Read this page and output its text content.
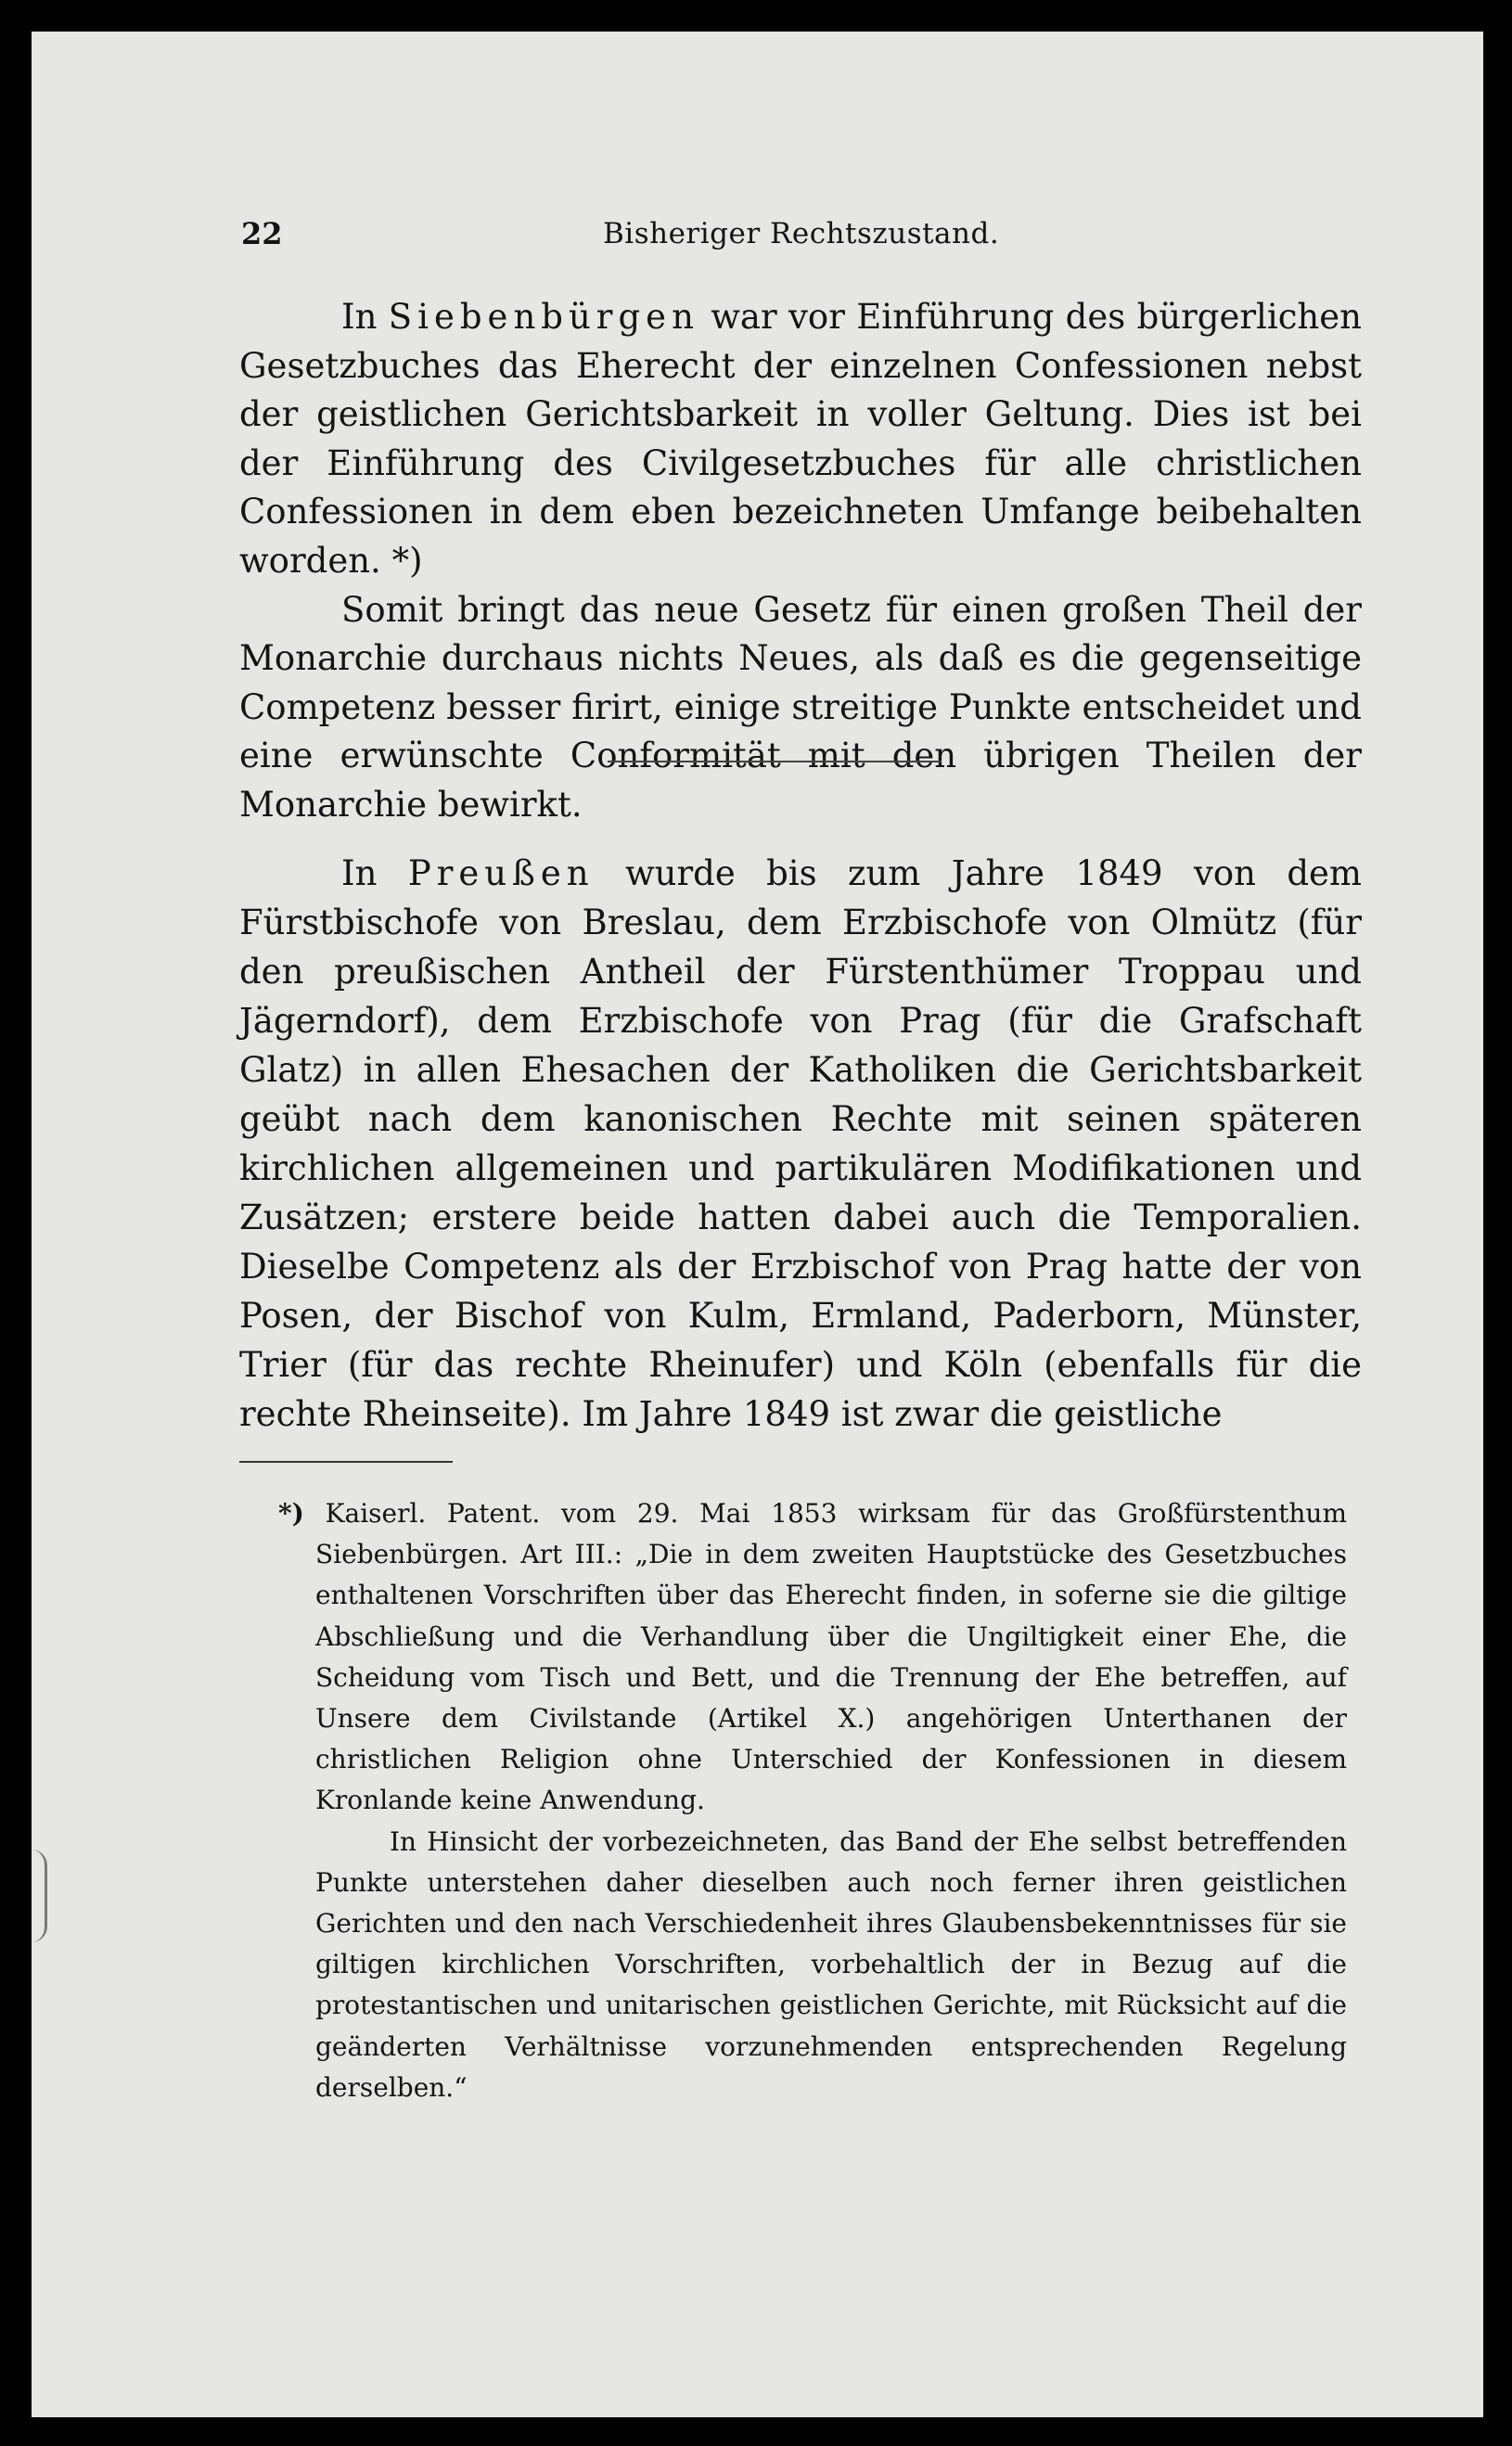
22	Bisheriger Rechtszustand.

In Siebenbürgen war vor Einführung des bürgerlichen Gesetzbuches das Eherecht der einzelnen Confessionen nebst der geistlichen Gerichtsbarkeit in voller Geltung. Dies ist bei der Einführung des Civilgesetzbuches für alle christlichen Confessionen in dem eben bezeichneten Umfange beibehalten worden. *)

Somit bringt das neue Gesetz für einen großen Theil der Monarchie durchaus nichts Neues, als daß es die gegenseitige Competenz besser firirt, einige streitige Punkte entscheidet und eine erwünschte Conformität mit den übrigen Theilen der Monarchie bewirkt.

In Preußen wurde bis zum Jahre 1849 von dem Fürstbischofe von Breslau, dem Erzbischofe von Olmütz (für den preußischen Antheil der Fürstenthümer Troppau und Jägerndorf), dem Erzbischofe von Prag (für die Grafschaft Glatz) in allen Ehesachen der Katholiken die Gerichtsbarkeit geübt nach dem kanonischen Rechte mit seinen späteren kirchlichen allgemeinen und partikulären Modifikationen und Zusätzen; erstere beide hatten dabei auch die Temporalien. Dieselbe Competenz als der Erzbischof von Prag hatte der von Posen, der Bischof von Kulm, Ermland, Paderborn, Münster, Trier (für das rechte Rheinufer) und Köln (ebenfalls für die rechte Rheinseite). Im Jahre 1849 ist zwar die geistliche

*) Kaiserl. Patent. vom 29. Mai 1853 wirksam für das Großfürstenthum Siebenbürgen. Art III.: „Die in dem zweiten Hauptstücke des Gesetzbuches enthaltenen Vorschriften über das Eherecht finden, in soferne sie die giltige Abschließung und die Verhandlung über die Ungiltigkeit einer Ehe, die Scheidung vom Tisch und Bett, und die Trennung der Ehe betreffen, auf Unsere dem Civilstande (Artikel X.) angehörigen Unterthanen der christlichen Religion ohne Unterschied der Konfessionen in diesem Kronlande keine Anwendung.

In Hinsicht der vorbezeichneten, das Band der Ehe selbst betreffenden Punkte unterstehen daher dieselben auch noch ferner ihren geistlichen Gerichten und den nach Verschiedenheit ihres Glaubensbekenntnisses für sie giltigen kirchlichen Vorschriften, vorbehaltlich der in Bezug auf die protestantischen und unitarischen geistlichen Gerichte, mit Rücksicht auf die geänderten Verhältnisse vorzunehmenden entsprechenden Regelung derselben.“
